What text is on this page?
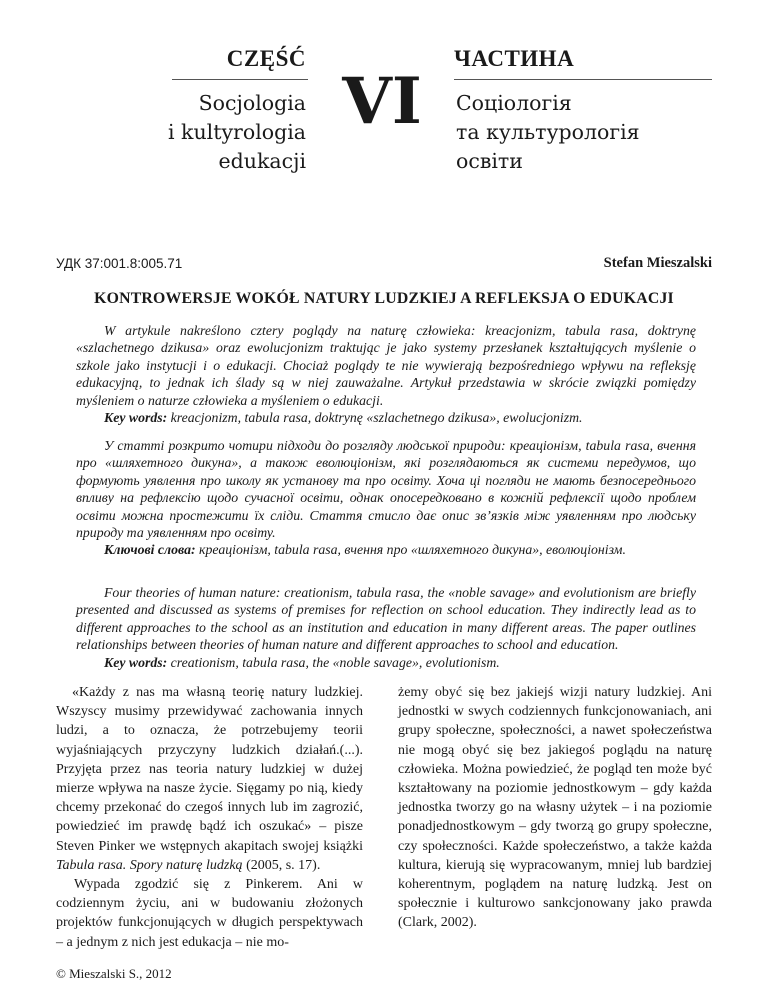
CZĘŚĆ	ЧАСТИНА
VI
Socjologia
i kultyrologia
edukacji
Соціологія
та культурологія
освіти
УДК 37:001.8:005.71	Stefan Mieszalski
KONTROWERSJE WOKÓŁ NATURY LUDZKIEJ A REFLEKSJA O EDUKACJI

W artykule nakreślono cztery poglądy na naturę człowieka: kreacjonizm, tabula rasa, doktrynę «szlachetnego dzikusa» oraz ewolucjonizm traktując je jako systemy przesłanek kształtujących myślenie o szkole jako instytucji i o edukacji. Chociaż poglądy te nie wywierają bezpośredniego wpływu na refleksję edukacyjną, to jednak ich ślady są w niej zauważalne. Artykuł przedstawia w skrócie związki pomiędzy myśleniem o naturze człowieka a myśleniem o edukacji.

Key words: kreacjonizm, tabula rasa, doktrynę «szlachetnego dzikusa», ewolucjonizm.

У статті розкрито чотири підходи до розгляду людської природи: креаціонізм, tabula rasa, вчення про «шляхетного дикуна», а також еволюціонізм, які розглядаються як системи передумов, що формують уявлення про школу як установу та про освіту. Хоча ці погляди не мають безпосереднього впливу на рефлексію щодо сучасної освіти, однак опосередковано в кожній рефлексії щодо проблем освіти можна простежити їх сліди. Стаття стисло дає опис зв’язків між уявленням про людську природу та уявленням про освіту.

Ключові слова: креаціонізм, tabula rasa, вчення про «шляхетного дикуна», еволюціонізм.

Four theories of human nature: creationism, tabula rasa, the «noble savage» and evolutionism are briefly presented and discussed as systems of premises for reflection on school education. They indirectly lead as to different approaches to the school as an institution and education in many different areas. The paper outlines relationships between theories of human nature and different approaches to school and education.

Key words: creationism, tabula rasa, the «noble savage», evolutionism.

«Każdy z nas ma własną teorię natury ludzkiej. Wszyscy musimy przewidywać zachowania innych ludzi, a to oznacza, że potrzebujemy teorii wyjaśniających przyczyny ludzkich działań.(...). Przyjęta przez nas teoria natury ludzkiej w dużej mierze wpływa na nasze życie. Sięgamy po nią, kiedy chcemy przekonać do czegoś innych lub im zagrozić, powiedzieć im prawdę bądź ich oszukać» – pisze Steven Pinker we wstępnych akapitach swojej książki Tabula rasa. Spory naturę ludzką (2005, s. 17).

Wypada zgodzić się z Pinkerem. Ani w codziennym życiu, ani w budowaniu złożonych projektów funkcjonujących w długich perspektywach – a jednym z nich jest edukacja – nie mo-

żemy obyć się bez jakiejś wizji natury ludzkiej. Ani jednostki w swych codziennych funkcjonowaniach, ani grupy społeczne, społeczności, a nawet społeczeństwa nie mogą obyć się bez jakiegoś poglądu na naturę człowieka. Można powiedzieć, że pogląd ten może być kształtowany na poziomie jednostkowym – gdy każda jednostka tworzy go na własny użytek – i na poziomie ponadjednostkowym – gdy tworzą go grupy społeczne, czy społeczności. Każde społeczeństwo, a także każda kultura, kierują się wypracowanym, mniej lub bardziej koherentnym, poglądem na naturę ludzką. Jest on społecznie i kulturowo sankcjonowany jako prawda (Clark, 2002).

© Mieszalski S., 2012
